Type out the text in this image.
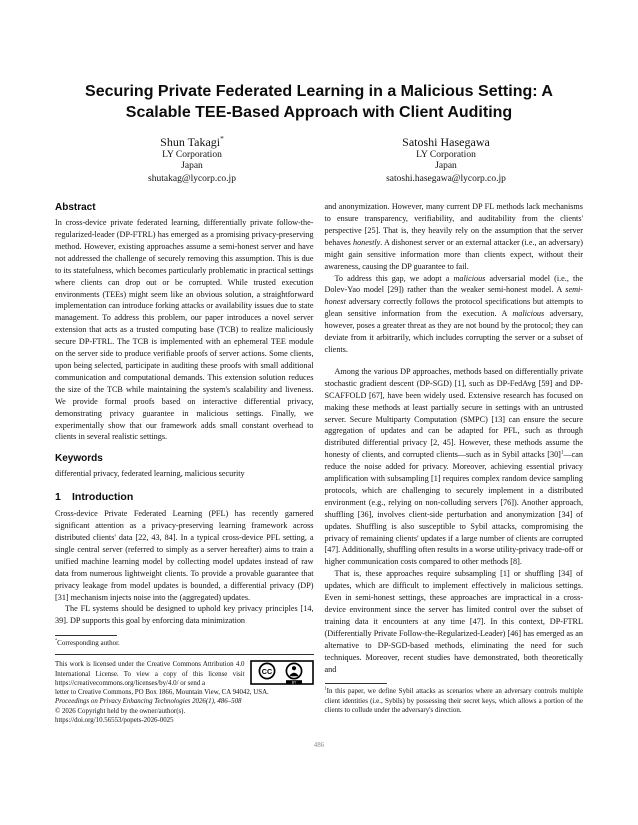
Securing Private Federated Learning in a Malicious Setting: A Scalable TEE-Based Approach with Client Auditing
Shun Takagi*
LY Corporation
Japan
shutakag@lycorp.co.jp
Satoshi Hasegawa
LY Corporation
Japan
satoshi.hasegawa@lycorp.co.jp
Abstract

In cross-device private federated learning, differentially private follow-the-regularized-leader (DP-FTRL) has emerged as a promising privacy-preserving method. However, existing approaches assume a semi-honest server and have not addressed the challenge of securely removing this assumption. This is due to its statefulness, which becomes particularly problematic in practical settings where clients can drop out or be corrupted. While trusted execution environments (TEEs) might seem like an obvious solution, a straightforward implementation can introduce forking attacks or availability issues due to state management. To address this problem, our paper introduces a novel server extension that acts as a trusted computing base (TCB) to realize maliciously secure DP-FTRL. The TCB is implemented with an ephemeral TEE module on the server side to produce verifiable proofs of server actions. Some clients, upon being selected, participate in auditing these proofs with small additional communication and computational demands. This extension solution reduces the size of the TCB while maintaining the system's scalability and liveness. We provide formal proofs based on interactive differential privacy, demonstrating privacy guarantee in malicious settings. Finally, we experimentally show that our framework adds small constant overhead to clients in several realistic settings.

Keywords

differential privacy, federated learning, malicious security

1 Introduction

Cross-device Private Federated Learning (PFL) has recently garnered significant attention as a privacy-preserving learning framework across distributed clients' data [22, 43, 84]. In a typical cross-device PFL setting, a single central server (referred to simply as a server hereafter) aims to train a unified machine learning model by collecting model updates instead of raw data from numerous lightweight clients. To provide a provable guarantee that privacy leakage from model updates is bounded, a differential privacy (DP) [31] mechanism injects noise into the (aggregated) updates.

The FL systems should be designed to uphold key privacy principles [14, 39]. DP supports this goal by enforcing data minimization

*Corresponding author.

This work is licensed under the Creative Commons Attribution 4.0 International License. To view a copy of this license visit https://creativecommons.org/licenses/by/4.0/ or send a

CC
BY

letter to Creative Commons, PO Box 1866, Mountain View, CA 94042, USA.

Proceedings on Privacy Enhancing Technologies 2026(1), 486–508

© 2026 Copyright held by the owner/author(s).

https://doi.org/10.56553/popets-2026-0025

and anonymization. However, many current DP FL methods lack mechanisms to ensure transparency, verifiability, and auditability from the clients' perspective [25]. That is, they heavily rely on the assumption that the server behaves honestly. A dishonest server or an external attacker (i.e., an adversary) might gain sensitive information more than clients expect, without their awareness, causing the DP guarantee to fail.

To address this gap, we adopt a malicious adversarial model (i.e., the Dolev-Yao model [29]) rather than the weaker semi-honest model. A semi-honest adversary correctly follows the protocol specifications but attempts to glean sensitive information from the execution. A malicious adversary, however, poses a greater threat as they are not bound by the protocol; they can deviate from it arbitrarily, which includes corrupting the server or a subset of clients.

Among the various DP approaches, methods based on differentially private stochastic gradient descent (DP-SGD) [1], such as DP-FedAvg [59] and DP-SCAFFOLD [67], have been widely used. Extensive research has focused on making these methods at least partially secure in settings with an untrusted server. Secure Multiparty Computation (SMPC) [13] can ensure the secure aggregation of updates and can be adapted for PFL, such as through distributed differential privacy [2, 45]. However, these methods assume the honesty of clients, and corrupted clients—such as in Sybil attacks $[30]^1—can$ reduce the noise added for privacy. Moreover, achieving essential privacy amplification with subsampling [1] requires complex random device sampling protocols, which are challenging to securely implement in a distributed environment (e.g., relying on non-colluding servers [76]). Another approach, shuffling [36], involves client-side perturbation and anonymization [34] of updates. Shuffling is also susceptible to Sybil attacks, compromising the privacy of remaining clients' updates if a large number of clients are corrupted [47]. Additionally, shuffling often results in a worse utility-privacy trade-off or higher communication costs compared to other methods [8].

That is, these approaches require subsampling [1] or shuffling [34] of updates, which are difficult to implement effectively in malicious settings. Even in semi-honest settings, these approaches are impractical in a cross-device environment since the server has limited control over the subset of training data it encounters at any time [47]. In this context, DP-FTRL (Differentially Private Follow-the-Regularized-Leader) [46] has emerged as an alternative to DP-SGD-based methods, eliminating the need for such techniques. Moreover, recent studies have demonstrated, both theoretically and

$^1$In this paper, we define Sybil attacks as scenarios where an adversary controls multiple client identities (i.e., Sybils) by possessing their secret keys, which allows a portion of the clients to collude under the adversary's direction.

486
